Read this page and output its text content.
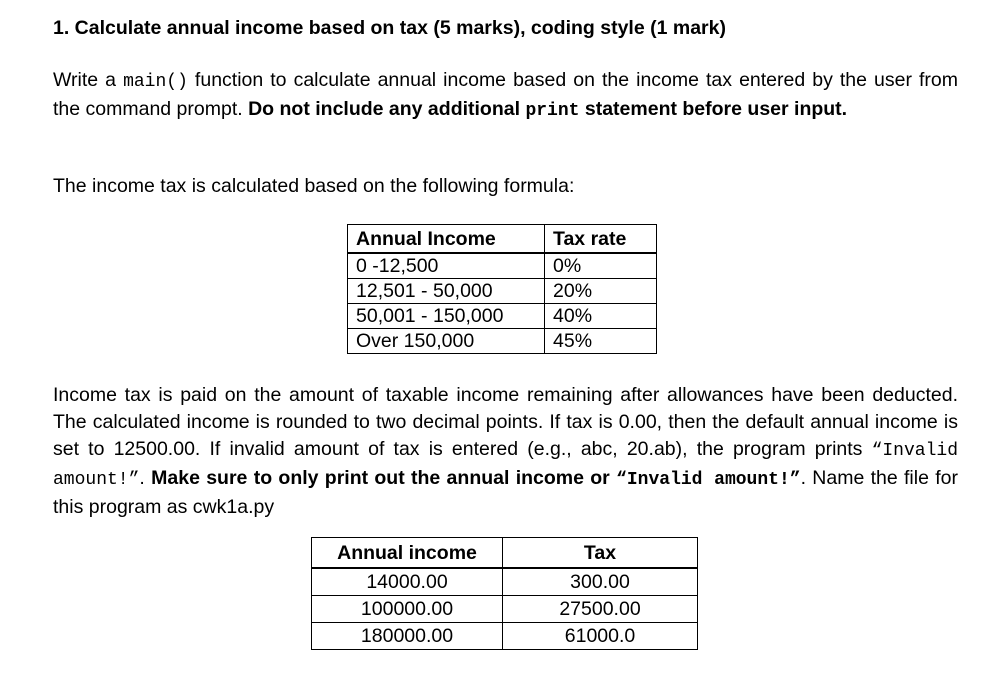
1. Calculate annual income based on tax (5 marks), coding style (1 mark)
Write a main() function to calculate annual income based on the income tax entered by the user from the command prompt. Do not include any additional print statement before user input.
The income tax is calculated based on the following formula:
Annual Income	Tax rate
0 -12,500	0%
12,501 - 50,000	20%
50,001 - 150,000	40%
Over 150,000	45%
Income tax is paid on the amount of taxable income remaining after allowances have been deducted. The calculated income is rounded to two decimal points. If tax is 0.00, then the default annual income is set to 12500.00. If invalid amount of tax is entered (e.g., abc, 20.ab), the program prints “Invalid amount!”. Make sure to only print out the annual income or “Invalid amount!”. Name the file for this program as cwk1a.py
Annual income	Tax
14000.00	300.00
100000.00	27500.00
180000.00	61000.0
